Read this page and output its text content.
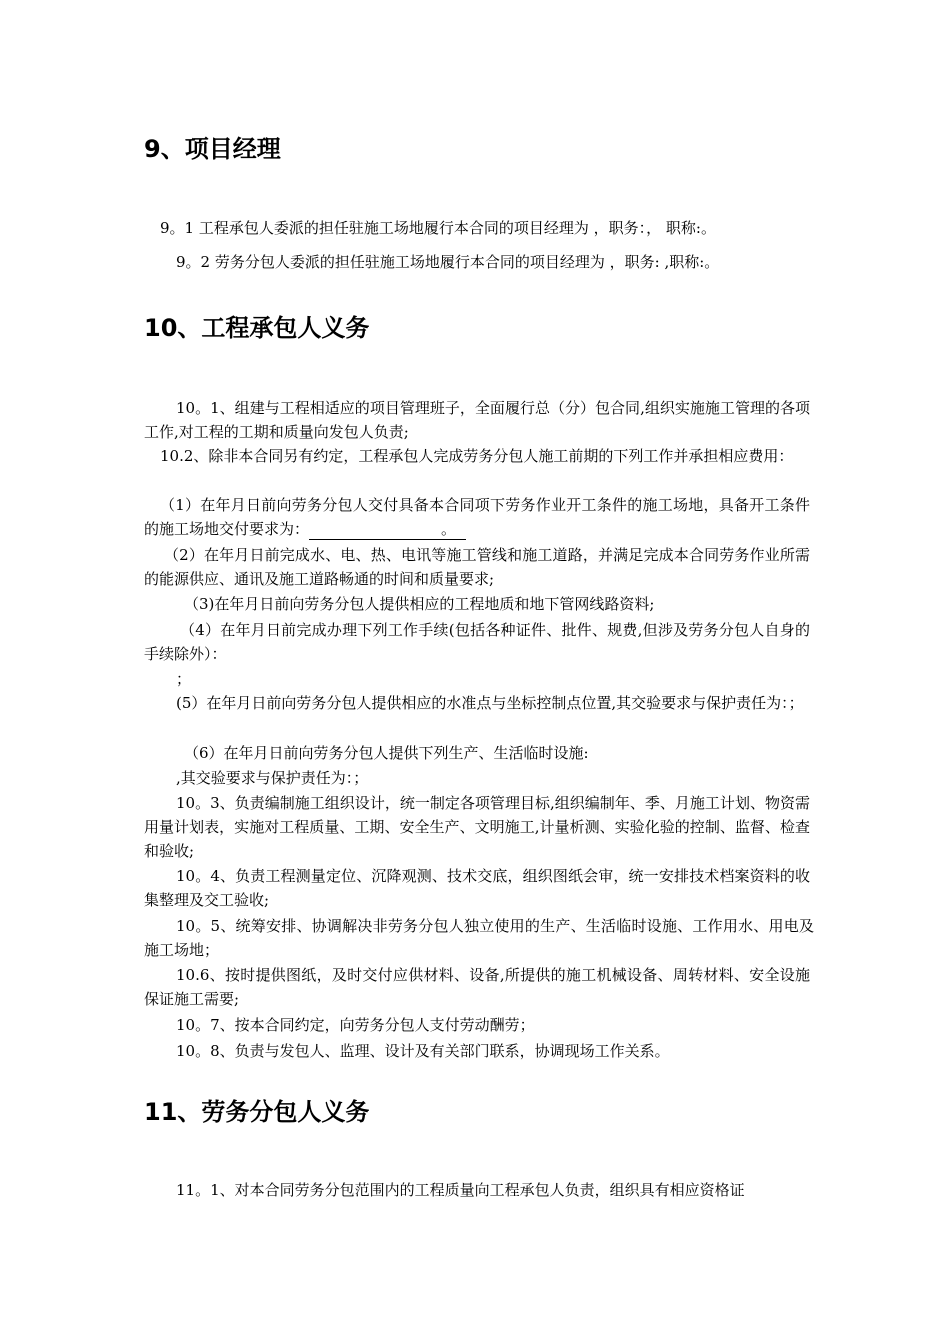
9、项目经理

9。1 工程承包人委派的担任驻施工场地履行本合同的项目经理为 ，职务：， 职称:。

9。2 劳务分包人委派的担任驻施工场地履行本合同的项目经理为 ，职务: ,职称:。

10、工程承包人义务

10。1、组建与工程相适应的项目管理班子，全面履行总（分）包合同,组织实施施工管理的各项工作,对工程的工期和质量向发包人负责;

10.2、除非本合同另有约定，工程承包人完成劳务分包人施工前期的下列工作并承担相应费用：

（1）在年月日前向劳务分包人交付具备本合同项下劳务作业开工条件的施工场地，具备开工条件的施工场地交付要求为：	。

（2）在年月日前完成水、电、热、电讯等施工管线和施工道路，并满足完成本合同劳务作业所需的能源供应、通讯及施工道路畅通的时间和质量要求;

（3)在年月日前向劳务分包人提供相应的工程地质和地下管网线路资料;

（4）在年月日前完成办理下列工作手续(包括各种证件、批件、规费,但涉及劳务分包人自身的手续除外）：

；

(5）在年月日前向劳务分包人提供相应的水准点与坐标控制点位置,其交验要求与保护责任为：；

（6）在年月日前向劳务分包人提供下列生产、生活临时设施:

,其交验要求与保护责任为：；

10。3、负责编制施工组织设计，统一制定各项管理目标,组织编制年、季、月施工计划、物资需用量计划表，实施对工程质量、工期、安全生产、文明施工,计量析测、实验化验的控制、监督、检查和验收;

10。4、负责工程测量定位、沉降观测、技术交底，组织图纸会审，统一安排技术档案资料的收集整理及交工验收;

10。5、统筹安排、协调解决非劳务分包人独立使用的生产、生活临时设施、工作用水、用电及施工场地；

10.6、按时提供图纸，及时交付应供材料、设备,所提供的施工机械设备、周转材料、安全设施保证施工需要;

10。7、按本合同约定，向劳务分包人支付劳动酬劳；

10。8、负责与发包人、监理、设计及有关部门联系，协调现场工作关系。

11、劳务分包人义务

11。1、对本合同劳务分包范围内的工程质量向工程承包人负责，组织具有相应资格证
